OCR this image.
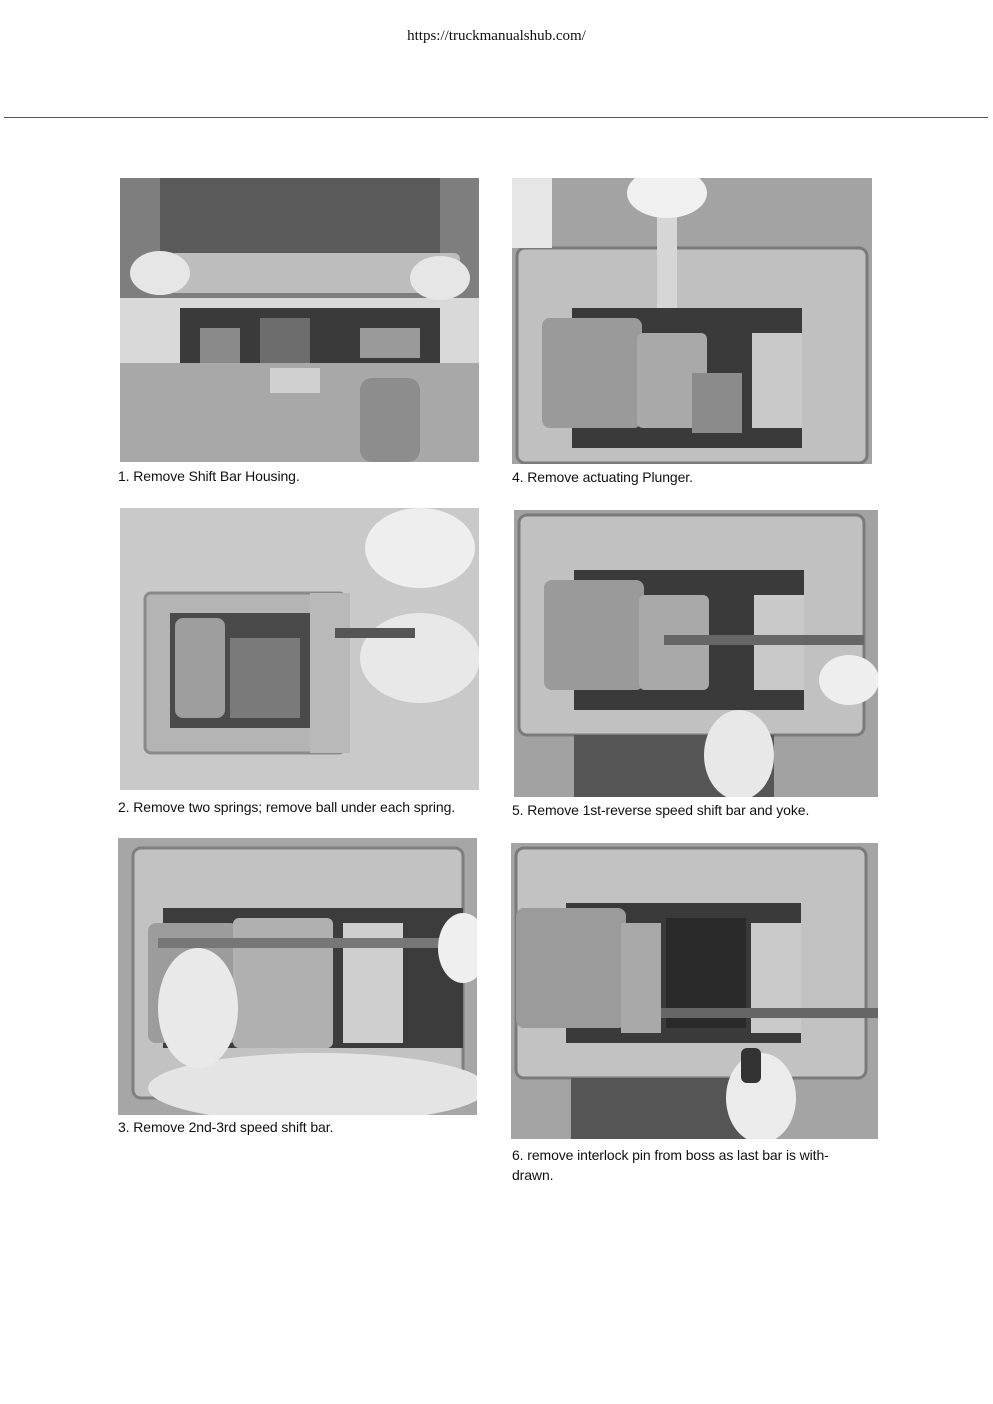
https://truckmanualshub.com/
1. Remove Shift Bar Housing.
2. Remove two springs; remove ball under each spring.
3. Remove 2nd-3rd speed shift bar.
4. Remove actuating Plunger.
5. Remove 1st-reverse speed shift bar and yoke.
6. remove interlock pin from boss as last bar is with-
drawn.
